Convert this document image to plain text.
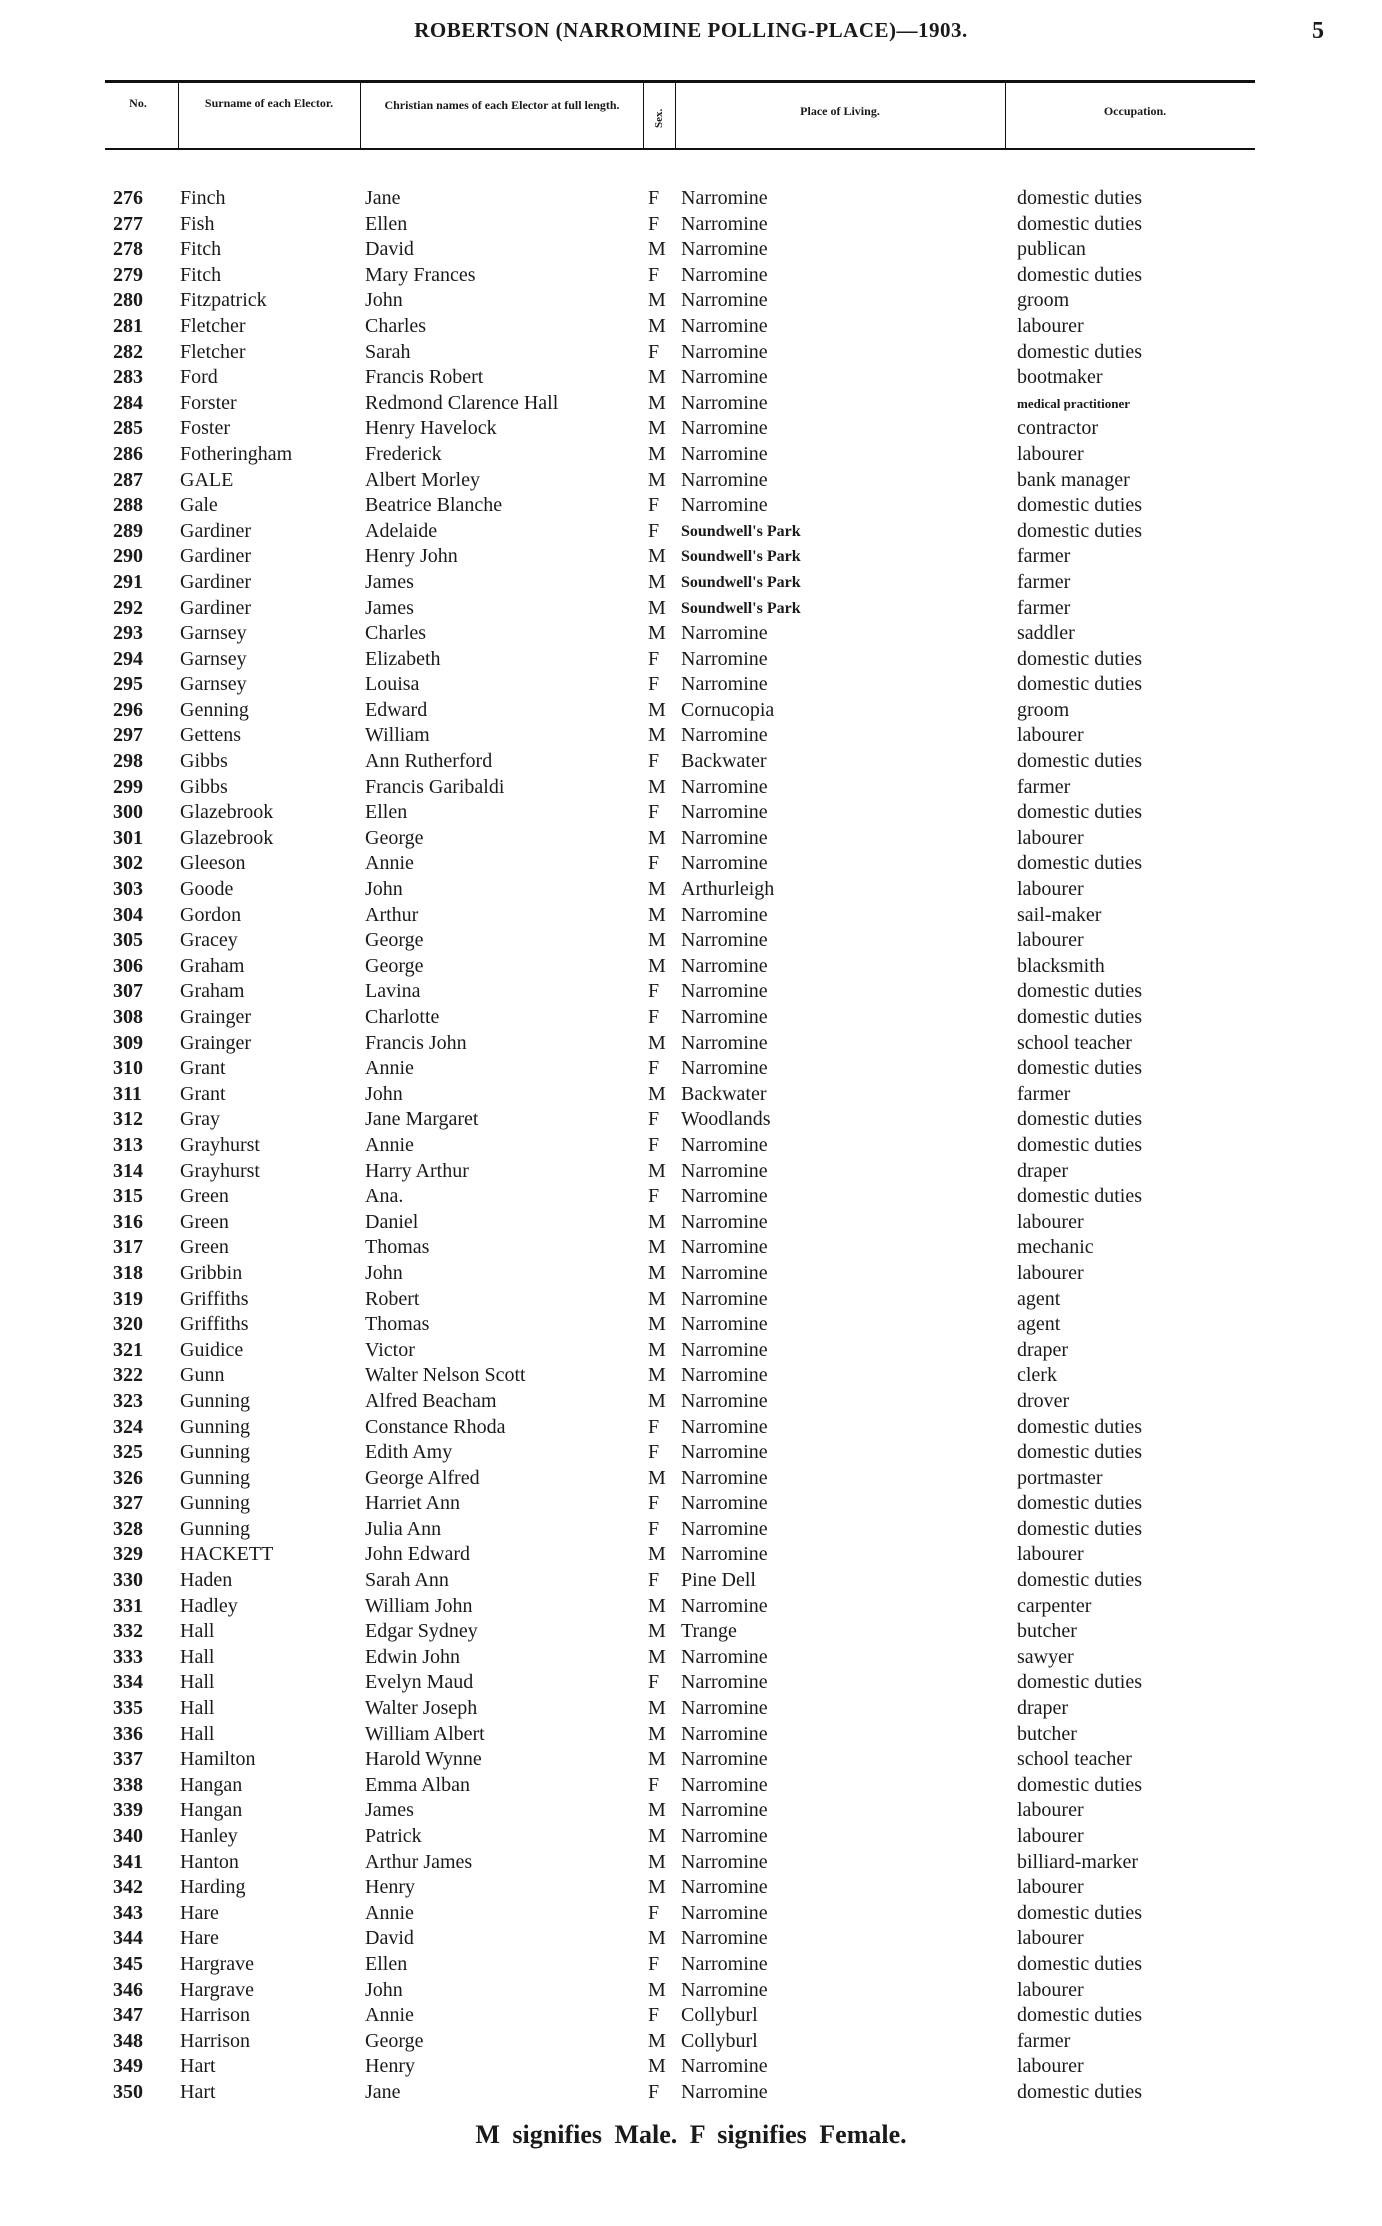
ROBERTSON (NARROMINE POLLING-PLACE)—1903.	5
No.	Surname of each Elector.	Christian names of each Elector at full length.
Sex.	Place of Living.	Occupation.
276 Finch	Jane	F Narromine	domestic duties
277 Fish	Ellen	F Narromine	domestic duties
278 Fitch	David	M Narromine	publican
279 Fitch	Mary Frances	F Narromine	domestic duties
280 Fitzpatrick	John	M Narromine	groom
281 Fletcher	Charles	M Narromine	labourer
282 Fletcher	Sarah	F Narromine	domestic duties
283 Ford	Francis Robert	M Narromine	bootmaker
284 Forster	Redmond Clarence Hall	M Narromine	medical practitioner
285 Foster	Henry Havelock	M Narromine	contractor
286 Fotheringham	Frederick	M Narromine	labourer
287 GALE	Albert Morley	M Narromine	bank manager
288 Gale	Beatrice Blanche	F Narromine	domestic duties
289 Gardiner	Adelaide	F Soundwell's Park	domestic duties
290 Gardiner	Henry John	M Soundwell's Park	farmer
291 Gardiner	James	M Soundwell's Park	farmer
292 Gardiner	James	M Soundwell's Park	farmer
293 Garnsey	Charles	M Narromine	saddler
294 Garnsey	Elizabeth	F Narromine	domestic duties
295 Garnsey	Louisa	F Narromine	domestic duties
296 Genning	Edward	M Cornucopia	groom
297 Gettens	William	M Narromine	labourer
298 Gibbs	Ann Rutherford	F Backwater	domestic duties
299 Gibbs	Francis Garibaldi	M Narromine	farmer
300 Glazebrook	Ellen	F Narromine	domestic duties
301 Glazebrook	George	M Narromine	labourer
302 Gleeson	Annie	F Narromine	domestic duties
303 Goode	John	M Arthurleigh	labourer
304 Gordon	Arthur	M Narromine	sail-maker
305 Gracey	George	M Narromine	labourer
306 Graham	George	M Narromine	blacksmith
307 Graham	Lavina	F Narromine	domestic duties
308 Grainger	Charlotte	F Narromine	domestic duties
309 Grainger	Francis John	M Narromine	school teacher
310 Grant	Annie	F Narromine	domestic duties
311 Grant	John	M Backwater	farmer
312 Gray	Jane Margaret	F Woodlands	domestic duties
313 Grayhurst	Annie	F Narromine	domestic duties
314 Grayhurst	Harry Arthur	M Narromine	draper
315 Green	Ana.	F Narromine	domestic duties
316 Green	Daniel	M Narromine	labourer
317 Green	Thomas	M Narromine	mechanic
318 Gribbin	John	M Narromine	labourer
319 Griffiths	Robert	M Narromine	agent
320 Griffiths	Thomas	M Narromine	agent
321 Guidice	Victor	M Narromine	draper
322 Gunn	Walter Nelson Scott	M Narromine	clerk
323 Gunning	Alfred Beacham	M Narromine	drover
324 Gunning	Constance Rhoda	F Narromine	domestic duties
325 Gunning	Edith Amy	F Narromine	domestic duties
326 Gunning	George Alfred	M Narromine	portmaster
327 Gunning	Harriet Ann	F Narromine	domestic duties
328 Gunning	Julia Ann	F Narromine	domestic duties
329 HACKETT	John Edward	M Narromine	labourer
330 Haden	Sarah Ann	F Pine Dell	domestic duties
331 Hadley	William John	M Narromine	carpenter
332 Hall	Edgar Sydney	M Trange	butcher
333 Hall	Edwin John	M Narromine	sawyer
334 Hall	Evelyn Maud	F Narromine	domestic duties
335 Hall	Walter Joseph	M Narromine	draper
336 Hall	William Albert	M Narromine	butcher
337 Hamilton	Harold Wynne	M Narromine	school teacher
338 Hangan	Emma Alban	F Narromine	domestic duties
339 Hangan	James	M Narromine	labourer
340 Hanley	Patrick	M Narromine	labourer
341 Hanton	Arthur James	M Narromine	billiard-marker
342 Harding	Henry	M Narromine	labourer
343 Hare	Annie	F Narromine	domestic duties
344 Hare	David	M Narromine	labourer
345 Hargrave	Ellen	F Narromine	domestic duties
346 Hargrave	John	M Narromine	labourer
347 Harrison	Annie	F Collyburl	domestic duties
348 Harrison	George	M Collyburl	farmer
349 Hart	Henry	M Narromine	labourer
350 Hart	Jane	F Narromine	domestic duties
M signifies Male. F signifies Female.
